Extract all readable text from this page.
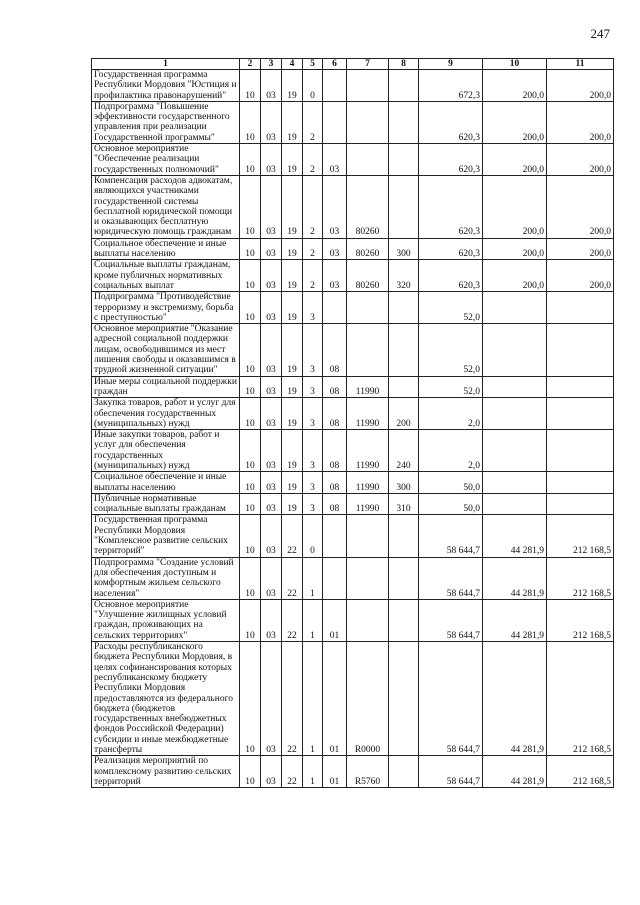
247
1	2	3	4	5	6	7	8	9	10	11
Государственная программа Республики Мордовия "Юстиция и профилактика правонарушений"	10	03	19	0				672,3	200,0	200,0
Подпрограмма "Повышение эффективности государственного управления при реализации Государственной программы"	10	03	19	2				620,3	200,0	200,0
Основное мероприятие "Обеспечение реализации государственных полномочий"	10	03	19	2	03			620,3	200,0	200,0
Компенсация расходов адвокатам, являющихся участниками государственной системы бесплатной юридической помощи и оказывающих бесплатную юридическую помощь гражданам	10	03	19	2	03	80260		620,3	200,0	200,0
Социальное обеспечение и иные выплаты населению	10	03	19	2	03	80260	300	620,3	200,0	200,0
Социальные выплаты гражданам, кроме публичных нормативных социальных выплат	10	03	19	2	03	80260	320	620,3	200,0	200,0
Подпрограмма "Противодействие терроризму и экстремизму, борьба с преступностью"	10	03	19	3				52,0		
Основное мероприятие "Оказание адресной социальной поддержки лицам, освободившимся из мест лишения свободы и оказавшимся в трудной жизненной ситуации"	10	03	19	3	08			52,0		
Иные меры социальной поддержки граждан	10	03	19	3	08	11990		52,0		
Закупка товаров, работ и услуг для обеспечения государственных (муниципальных) нужд	10	03	19	3	08	11990	200	2,0		
Иные закупки товаров, работ и услуг для обеспечения государственных (муниципальных) нужд	10	03	19	3	08	11990	240	2,0		
Социальное обеспечение и иные выплаты населению	10	03	19	3	08	11990	300	50,0		
Публичные нормативные социальные выплаты гражданам	10	03	19	3	08	11990	310	50,0		
Государственная программа Республики Мордовия "Комплексное развитие сельских территорий"	10	03	22	0				58 644,7	44 281,9	212 168,5
Подпрограмма "Создание условий для обеспечения доступным и комфортным жильем сельского населения"	10	03	22	1				58 644,7	44 281,9	212 168,5
Основное мероприятие "Улучшение жилищных условий граждан, проживающих на сельских территориях"	10	03	22	1	01			58 644,7	44 281,9	212 168,5
Расходы республиканского бюджета Республики Мордовия, в целях софинансирования которых республиканскому бюджету Республики Мордовия предоставляются из федерального бюджета (бюджетов государственных внебюджетных фондов Российской Федерации) субсидии и иные межбюджетные трансферты	10	03	22	1	01	R0000		58 644,7	44 281,9	212 168,5
Реализация мероприятий по комплексному развитию сельских территорий	10	03	22	1	01	R5760		58 644,7	44 281,9	212 168,5
